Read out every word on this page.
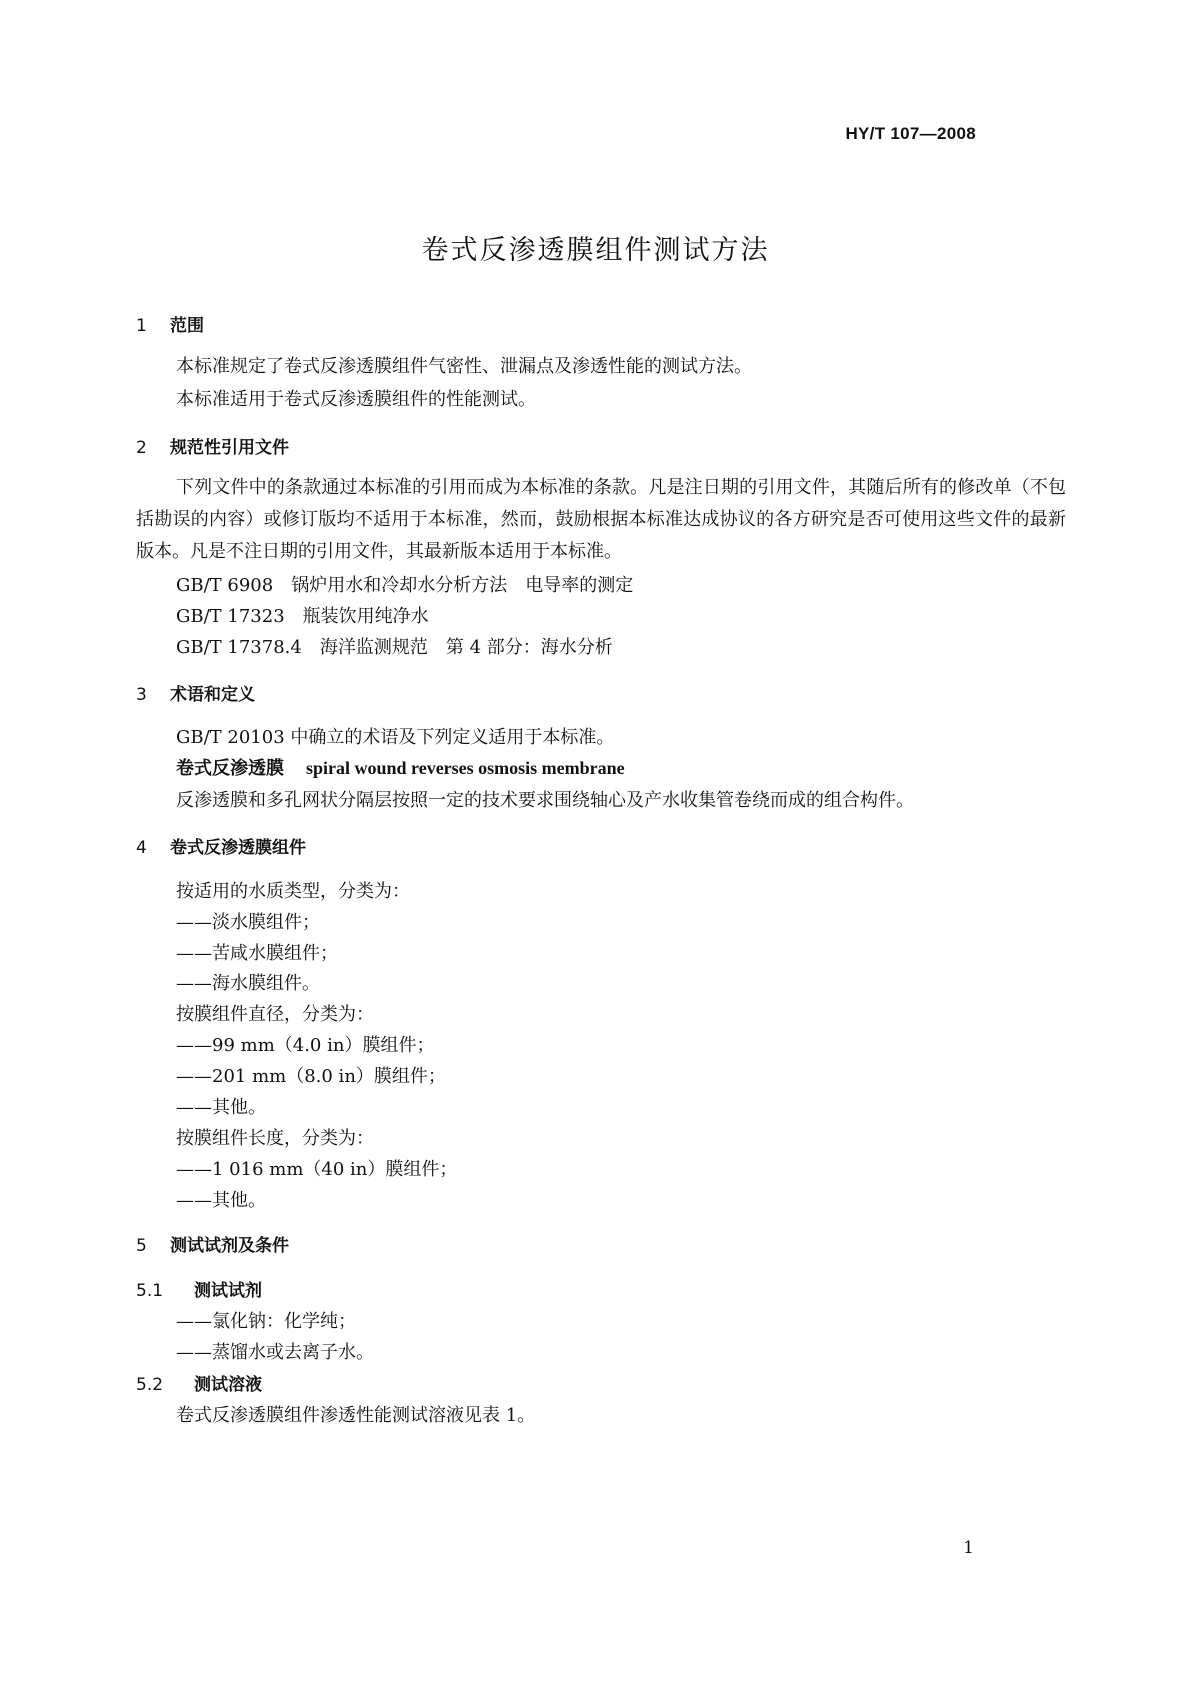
HY/T 107—2008
卷式反渗透膜组件测试方法
1 范围
本标准规定了卷式反渗透膜组件气密性、泄漏点及渗透性能的测试方法。
本标准适用于卷式反渗透膜组件的性能测试。
2 规范性引用文件
下列文件中的条款通过本标准的引用而成为本标准的条款。凡是注日期的引用文件，其随后所有的修改单（不包括勘误的内容）或修订版均不适用于本标准，然而，鼓励根据本标准达成协议的各方研究是否可使用这些文件的最新版本。凡是不注日期的引用文件，其最新版本适用于本标准。
GB/T 6908 锅炉用水和冷却水分析方法 电导率的测定
GB/T 17323 瓶装饮用纯净水
GB/T 17378.4 海洋监测规范 第 4 部分：海水分析
3 术语和定义
GB/T 20103 中确立的术语及下列定义适用于本标准。
卷式反渗透膜 spiral wound reverses osmosis membrane
反渗透膜和多孔网状分隔层按照一定的技术要求围绕轴心及产水收集管卷绕而成的组合构件。
4 卷式反渗透膜组件
按适用的水质类型，分类为：
——淡水膜组件；
——苦咸水膜组件；
——海水膜组件。
按膜组件直径，分类为：
——99 mm（4.0 in）膜组件；
——201 mm（8.0 in）膜组件；
——其他。
按膜组件长度，分类为：
——1 016 mm（40 in）膜组件；
——其他。
5 测试试剂及条件
5.1 测试试剂
——氯化钠：化学纯；
——蒸馏水或去离子水。
5.2 测试溶液
卷式反渗透膜组件渗透性能测试溶液见表 1。
1
